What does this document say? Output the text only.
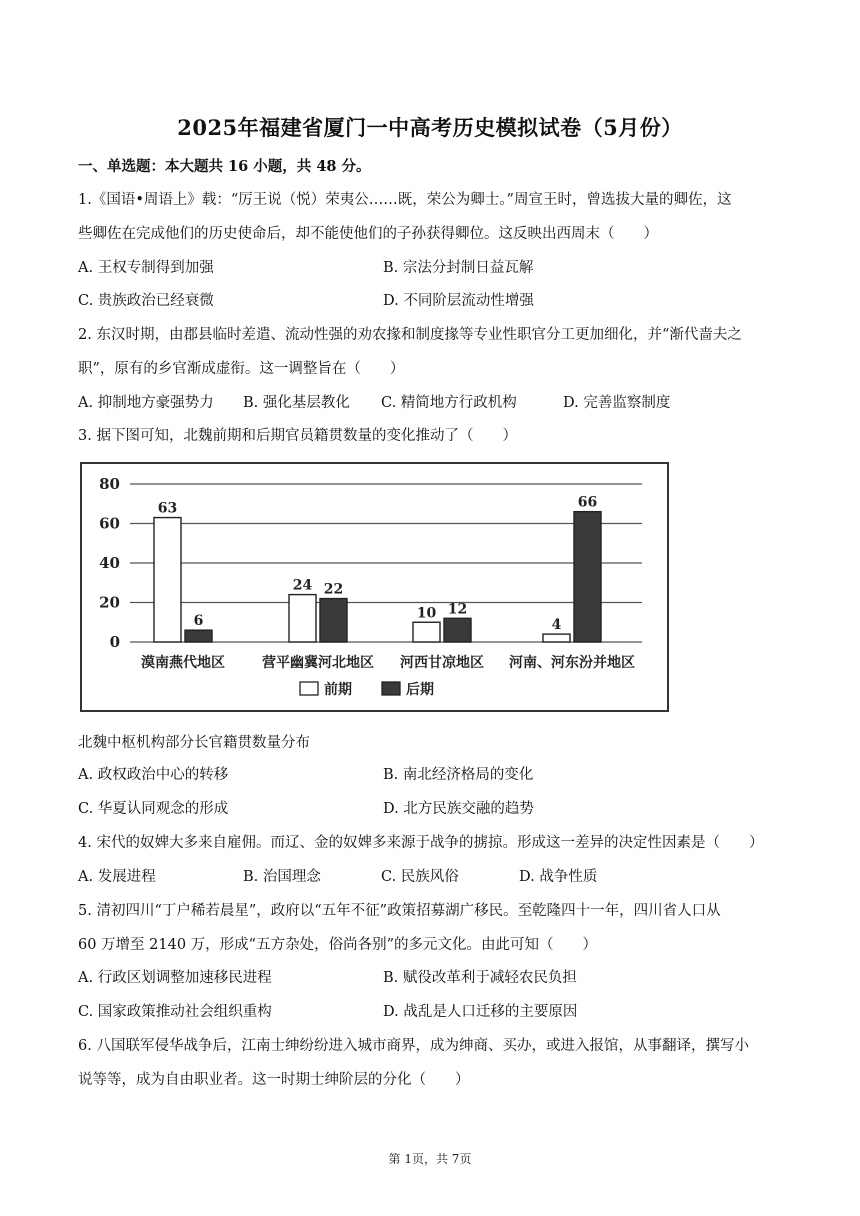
2025年福建省厦门一中高考历史模拟试卷（5月份）
一、单选题：本大题共 16 小题，共 48 分。
1.《国语•周语上》载：“厉王说（悦）荣夷公……既，荣公为卿士。”周宣王时，曾选拔大量的卿佐，这
些卿佐在完成他们的历史使命后，却不能使他们的子孙获得卿位。这反映出西周末（　　）
A. 王权专制得到加强	B. 宗法分封制日益瓦解
C. 贵族政治已经衰微	D. 不同阶层流动性增强
2. 东汉时期，由郡县临时差遣、流动性强的劝农掾和制度掾等专业性职官分工更加细化，并“渐代啬夫之
职”，原有的乡官渐成虚衔。这一调整旨在（　　）
A. 抑制地方豪强势力 B. 强化基层教化 C. 精简地方行政机构	D. 完善监察制度
3. 据下图可知，北魏前期和后期官员籍贯数量的变化推动了（　　）
0
20
40
60
80
63
24
10
4
6
22
12
66
漠南燕代地区	营平幽冀河北地区 河西甘凉地区 河南、河东汾并地区
前期	后期
北魏中枢机构部分长官籍贯数量分布
A. 政权政治中心的转移	B. 南北经济格局的变化
C. 华夏认同观念的形成	D. 北方民族交融的趋势
4. 宋代的奴婢大多来自雇佣。而辽、金的奴婢多来源于战争的掳掠。形成这一差异的决定性因素是（　　）
A. 发展进程	B. 治国理念	C. 民族风俗	D. 战争性质
5. 清初四川“丁户稀若晨星”，政府以“五年不征”政策招募湖广移民。至乾隆四十一年，四川省人口从
60 万增至 2140 万，形成“五方杂处，俗尚各别”的多元文化。由此可知（　　）
A. 行政区划调整加速移民进程	B. 赋役改革利于减轻农民负担
C. 国家政策推动社会组织重构	D. 战乱是人口迁移的主要原因
6. 八国联军侵华战争后，江南士绅纷纷进入城市商界，成为绅商、买办，或进入报馆，从事翻译，撰写小
说等等，成为自由职业者。这一时期士绅阶层的分化（　　）
第 1页，共 7页
